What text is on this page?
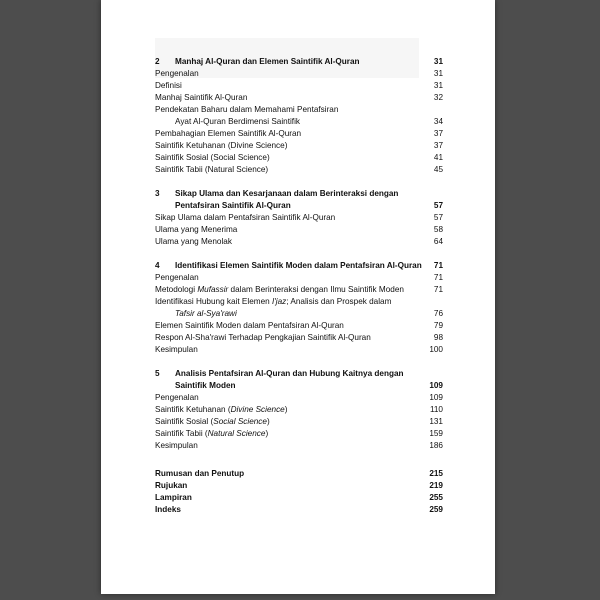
2 Manhaj Al-Quran dan Elemen Saintifik Al-Quran	31
Pengenalan	31
Definisi	31
Manhaj Saintifik Al-Quran	32
Pendekatan Baharu dalam Memahami Pentafsiran
Ayat Al-Quran Berdimensi Saintifik	34
Pembahagian Elemen Saintifik Al-Quran	37
Saintifik Ketuhanan (Divine Science)	37
Saintifik Sosial (Social Science)	41
Saintifik Tabii (Natural Science)	45
3 Sikap Ulama dan Kesarjanaan dalam Berinteraksi dengan
Pentafsiran Saintifik Al-Quran	57
Sikap Ulama dalam Pentafsiran Saintifik Al-Quran	57
Ulama yang Menerima	58
Ulama yang Menolak	64
4 Identifikasi Elemen Saintifik Moden dalam Pentafsiran Al-Quran 71
Pengenalan	71
Metodologi Mufassir dalam Berinteraksi dengan Ilmu Saintifik Moden	71
Identifikasi Hubung kait Elemen I'jaz; Analisis dan Prospek dalam
Tafsir al-Sya'rawi	76
Elemen Saintifik Moden dalam Pentafsiran Al-Quran	79
Respon Al-Sha'rawi Terhadap Pengkajian Saintifik Al-Quran	98
Kesimpulan	100
5 Analisis Pentafsiran Al-Quran dan Hubung Kaitnya dengan
Saintifik Moden	109
Pengenalan	109
Saintifik Ketuhanan (Divine Science)	110
Saintifik Sosial (Social Science)	131
Saintifik Tabii (Natural Science)	159
Kesimpulan	186
Rumusan dan Penutup	215
Rujukan	219
Lampiran	255
Indeks	259
